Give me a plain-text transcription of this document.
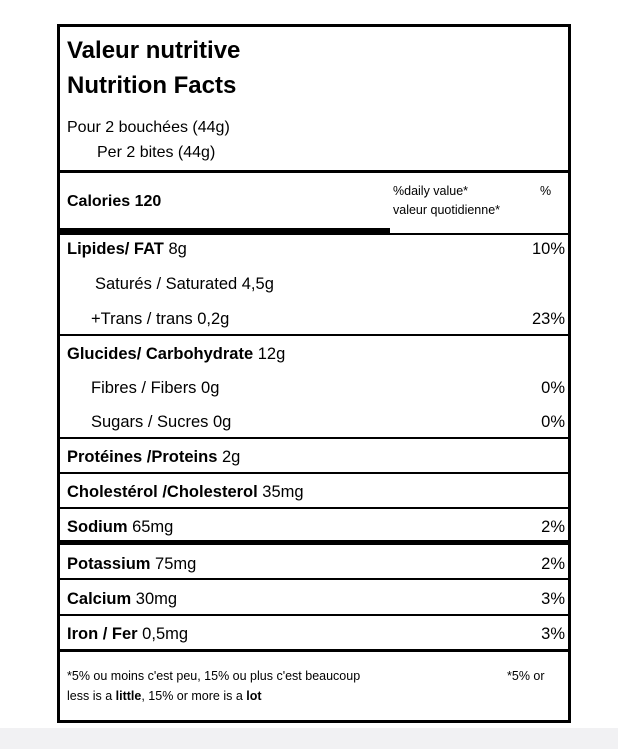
Valeur nutritive
Nutrition Facts
Pour 2 bouchées (44g)
Per 2 bites (44g)
Calories 120
%daily value*
valeur quotidienne*
%
Lipides/ FAT 8g	10%
Saturés / Saturated 4,5g
+Trans / trans 0,2g	23%
Glucides/ Carbohydrate 12g
Fibres / Fibers 0g	0%
Sugars / Sucres 0g	0%
Protéines /Proteins 2g
Cholestérol /Cholesterol 35mg
Sodium 65mg	2%
Potassium 75mg	2%
Calcium 30mg	3%
Iron / Fer 0,5mg	3%
*5% ou moins c'est peu, 15% ou plus c'est beaucoup
less is a little, 15% or more is a lot
*5% or
